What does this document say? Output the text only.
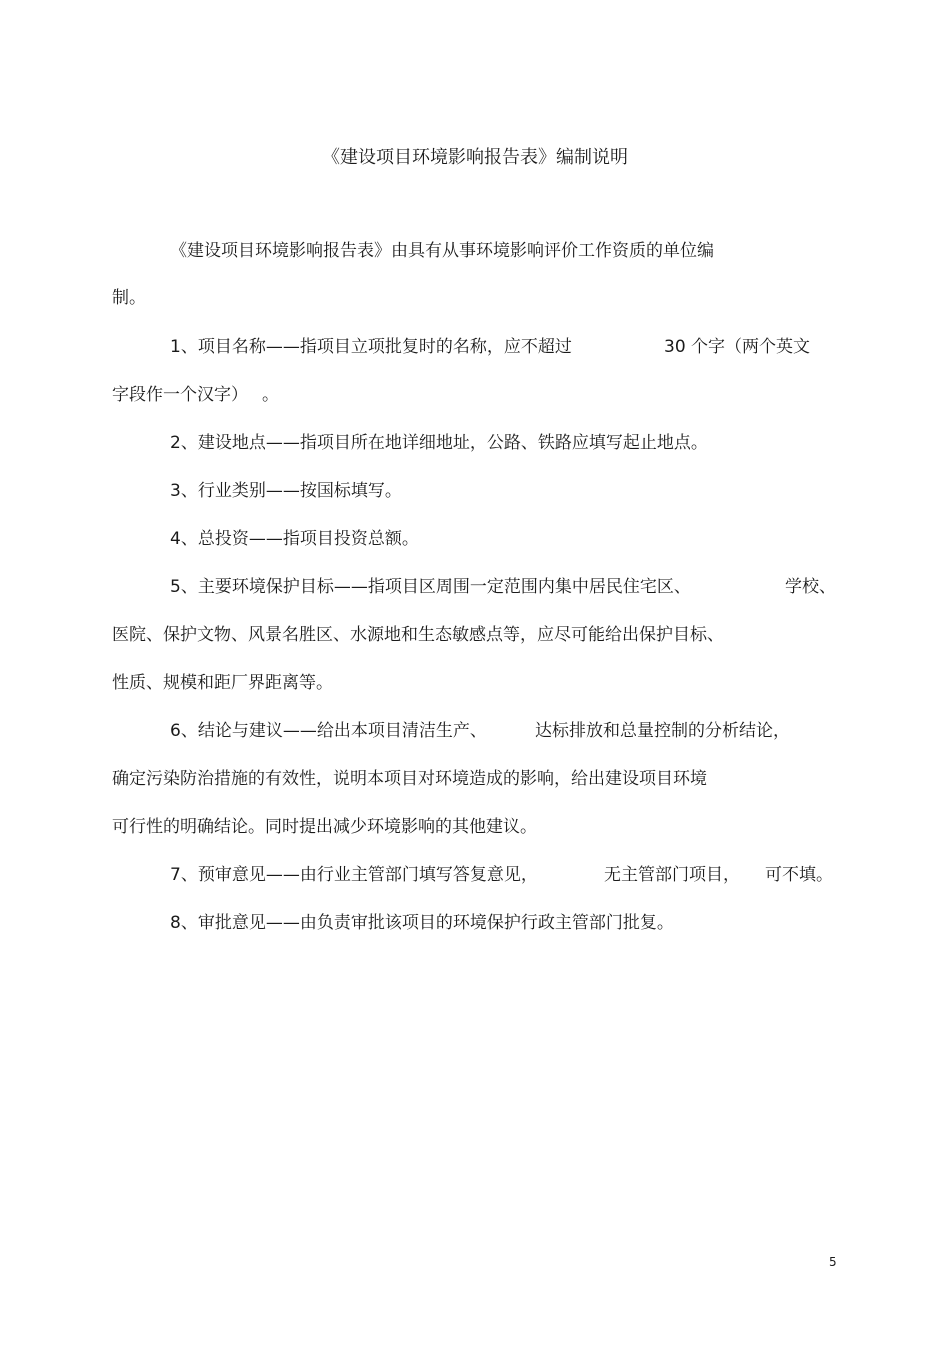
《建设项目环境影响报告表》编制说明
《建设项目环境影响报告表》由具有从事环境影响评价工作资质的单位编
制。
1、项目名称——指项目立项批复时的名称，应不超过	30 个字（两个英文
字段作一个汉字） 。
2、建设地点——指项目所在地详细地址，公路、铁路应填写起止地点。
3、行业类别——按国标填写。
4、总投资——指项目投资总额。
5、主要环境保护目标——指项目区周围一定范围内集中居民住宅区、	学校、
医院、保护文物、风景名胜区、水源地和生态敏感点等，应尽可能给出保护目标、
性质、规模和距厂界距离等。
6、结论与建议——给出本项目清洁生产、	达标排放和总量控制的分析结论，
确定污染防治措施的有效性，说明本项目对环境造成的影响，给出建设项目环境
可行性的明确结论。同时提出减少环境影响的其他建议。
7、预审意见——由行业主管部门填写答复意见，	无主管部门项目， 可不填。
8、审批意见——由负责审批该项目的环境保护行政主管部门批复。
5
